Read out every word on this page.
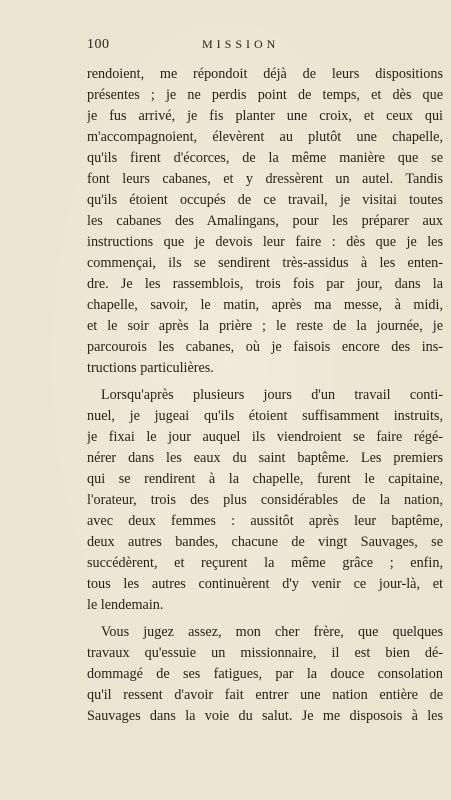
100	MISSION
rendoient, me répondoit déjà de leurs dispositions
présentes ; je ne perdis point de temps, et dès que
je fus arrivé, je fis planter une croix, et ceux qui
m'accompagnoient, élevèrent au plutôt une chapelle,
qu'ils firent d'écorces, de la même manière que se
font leurs cabanes, et y dressèrent un autel. Tandis
qu'ils étoient occupés de ce travail, je visitai toutes
les cabanes des Amalingans, pour les préparer aux
instructions que je devois leur faire : dès que je les
commençai, ils se sendirent très-assidus à les enten-
dre. Je les rassemblois, trois fois par jour, dans la
chapelle, savoir, le matin, après ma messe, à midi,
et le soir après la prière ; le reste de la journée, je
parcourois les cabanes, où je faisois encore des ins-
tructions particulières.
Lorsqu'après plusieurs jours d'un travail conti-
nuel, je jugeai qu'ils étoient suffisamment instruits,
je fixai le jour auquel ils viendroient se faire régé-
nérer dans les eaux du saint baptême. Les premiers
qui se rendirent à la chapelle, furent le capitaine,
l'orateur, trois des plus considérables de la nation,
avec deux femmes : aussitôt après leur baptême,
deux autres bandes, chacune de vingt Sauvages, se
succédèrent, et reçurent la même grâce ; enfin,
tous les autres continuèrent d'y venir ce jour-là, et
le lendemain.
Vous jugez assez, mon cher frère, que quelques
travaux qu'essuie un missionnaire, il est bien dé-
dommagé de ses fatigues, par la douce consolation
qu'il ressent d'avoir fait entrer une nation entière de
Sauvages dans la voie du salut. Je me disposois à les
